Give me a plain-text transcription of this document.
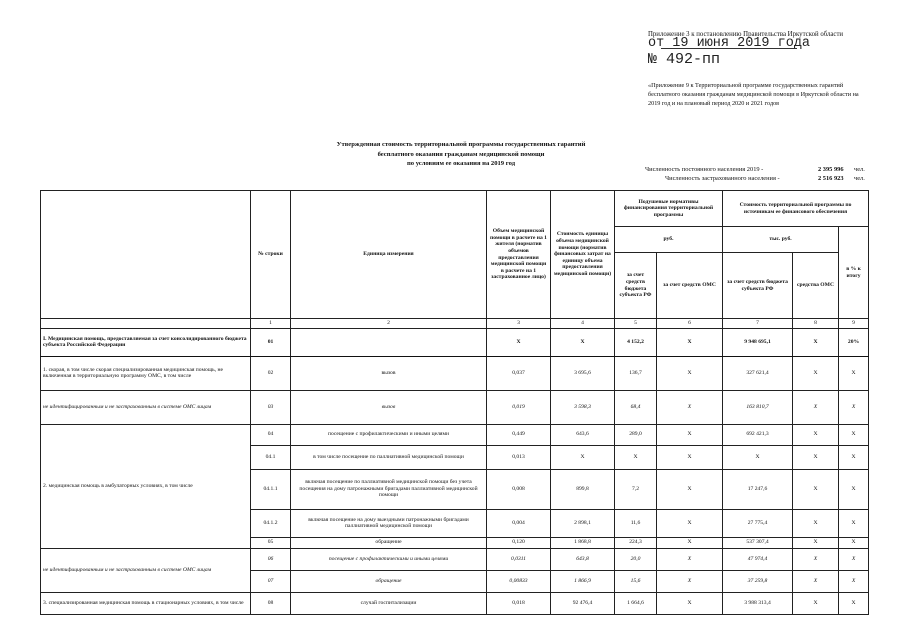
Приложение 3 к постановлению Правительства Иркутской области
от 19 июня 2019 года
№ 492-пп
«Приложение 9 к Территориальной программе государственных гарантий бесплатного оказания гражданам медицинской помощи в Иркутской области на 2019 год и на плановый период 2020 и 2021 годов
Утвержденная стоимость территориальной программы государственных гарантий
бесплатного оказания гражданам медицинской помощи
по условиям ее оказания на 2019 год
Численность постоянного населения 2019 -	2 395 996 чел.
Численность застрахованного населения -	2 516 923 чел.
	№ строки	Единица измерения	Объем медицинской помощи в расчете на 1 жителя (норматив объемов предоставления медицинской помощи в расчете на 1 застрахованное лицо)	Стоимость единицы объема медицинской помощи (норматив финансовых затрат на единицу объема предоставления медицинской помощи)	Подушевые нормативы финансирования территориальной программы		Стоимость территориальной программы по источникам ее финансового обеспечения		
					руб.		тыс. руб.		в % к итогу
					за счет средств бюджета субъекта РФ	за счет средств ОМС	за счет средств бюджета субъекта РФ	средства ОМС	
	1	2	3	4	5	6	7	8	9
I. Медицинская помощь, предоставляемая за счет консолидированного бюджета субъекта Российской Федерации	01		Х	Х	4 152,2	Х	9 948 695,1	Х	20%
1. скорая, в том числе скорая специализированная медицинская помощь, не включенная в территориальную программу ОМС, в том числе	02	вызов	0,037	3 695,6	136,7	Х	327 621,4	Х	Х
не идентифицированным и не застрахованным в системе ОМС лицам	03	вызов	0,019	3 598,3	68,4	Х	163 810,7	Х	Х
2. медицинская помощь в амбулаторных условиях, в том числе	04	посещение с профилактическими и иными целями	0,449	643,6	289,0	Х	692 421,3	Х	Х
	04.1	в том числе посещение по паллиативной медицинской помощи	0,013	Х	Х	Х	Х	Х	Х
	04.1.1	включая посещение по паллиативной медицинской помощи без учета посещения на дому патронажными бригадами паллиативной медицинской помощи	0,008	899,8	7,2	Х	17 247,6	Х	Х
	04.1.2	включая посещение на дому выездными патронажными бригадами паллиативной медицинской помощи	0,004	2 898,1	11,6	Х	27 775,4	Х	Х
	05	обращение	0,120	1 868,8	224,3	Х	537 307,4	Х	Х
не идентифицированным и не застрахованным в системе ОМС лицам	06	посещение с профилактическими и иными целями	0,0311	643,8	20,0	Х	47 974,4	Х	Х
	07	обращение	0,00833	1 866,9	15,6	Х	37 259,8	Х	Х
3. специализированная медицинская помощь в стационарных условиях, в том числе	08	случай госпитализации	0,018	92 476,4	1 664,6	Х	3 988 313,4	Х	Х
